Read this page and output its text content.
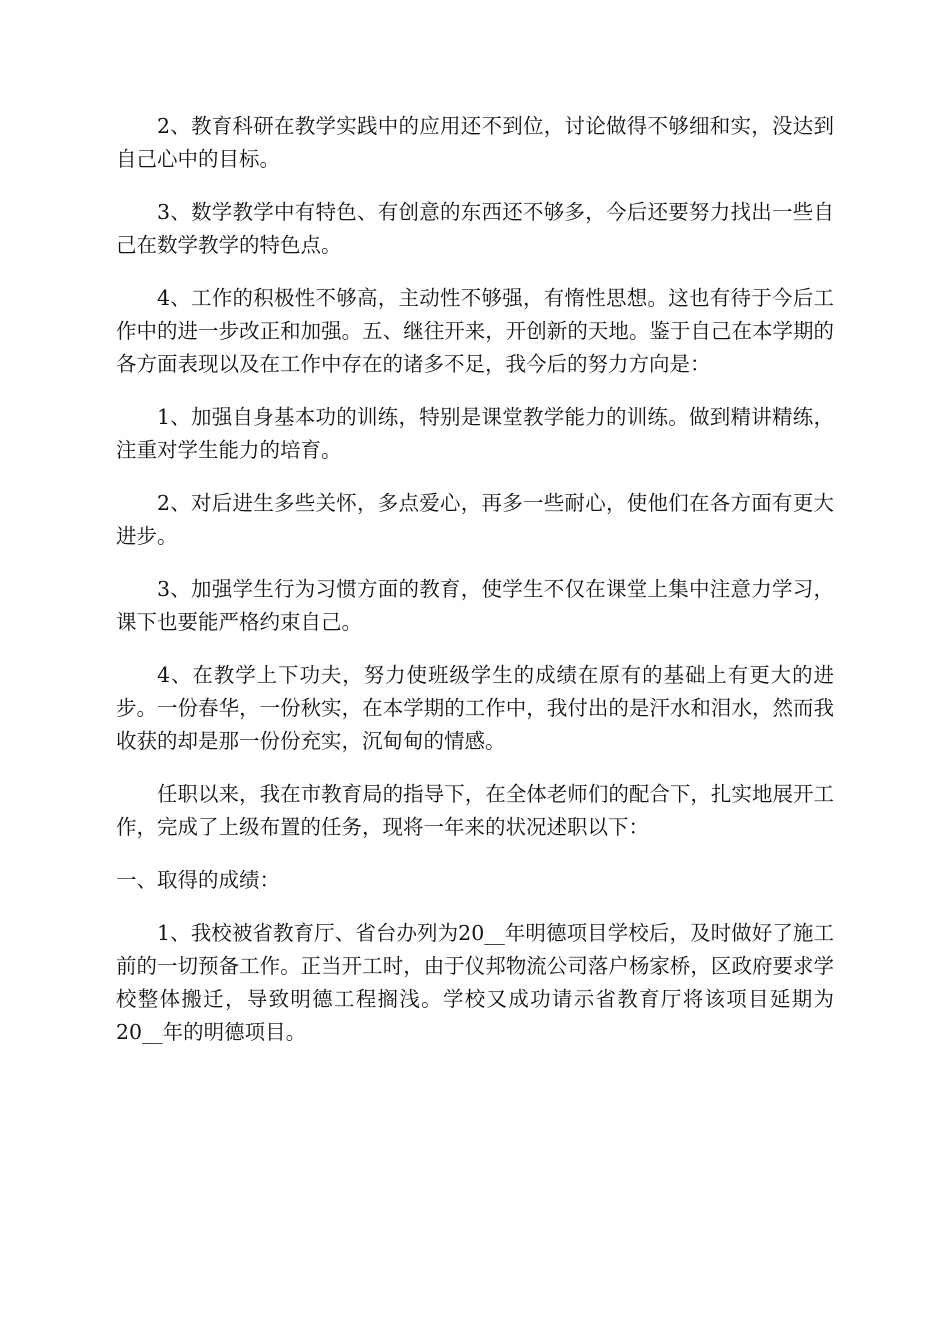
2、教育科研在教学实践中的应用还不到位，讨论做得不够细和实，没达到自己心中的目标。

3、数学教学中有特色、有创意的东西还不够多，今后还要努力找出一些自己在数学教学的特色点。

4、工作的积极性不够高，主动性不够强，有惰性思想。这也有待于今后工作中的进一步改正和加强。五、继往开来，开创新的天地。鉴于自己在本学期的各方面表现以及在工作中存在的诸多不足，我今后的努力方向是：

1、加强自身基本功的训练，特别是课堂教学能力的训练。做到精讲精练，注重对学生能力的培育。

2、对后进生多些关怀，多点爱心，再多一些耐心，使他们在各方面有更大进步。

3、加强学生行为习惯方面的教育，使学生不仅在课堂上集中注意力学习，课下也要能严格约束自己。

4、在教学上下功夫，努力使班级学生的成绩在原有的基础上有更大的进步。一份春华，一份秋实，在本学期的工作中，我付出的是汗水和泪水，然而我收获的却是那一份份充实，沉甸甸的情感。

任职以来，我在市教育局的指导下，在全体老师们的配合下，扎实地展开工作，完成了上级布置的任务，现将一年来的状况述职以下：

一、取得的成绩：

1、我校被省教育厅、省台办列为20__年明德项目学校后，及时做好了施工前的一切预备工作。正当开工时，由于仪邦物流公司落户杨家桥，区政府要求学校整体搬迁，导致明德工程搁浅。学校又成功请示省教育厅将该项目延期为20__年的明德项目。
